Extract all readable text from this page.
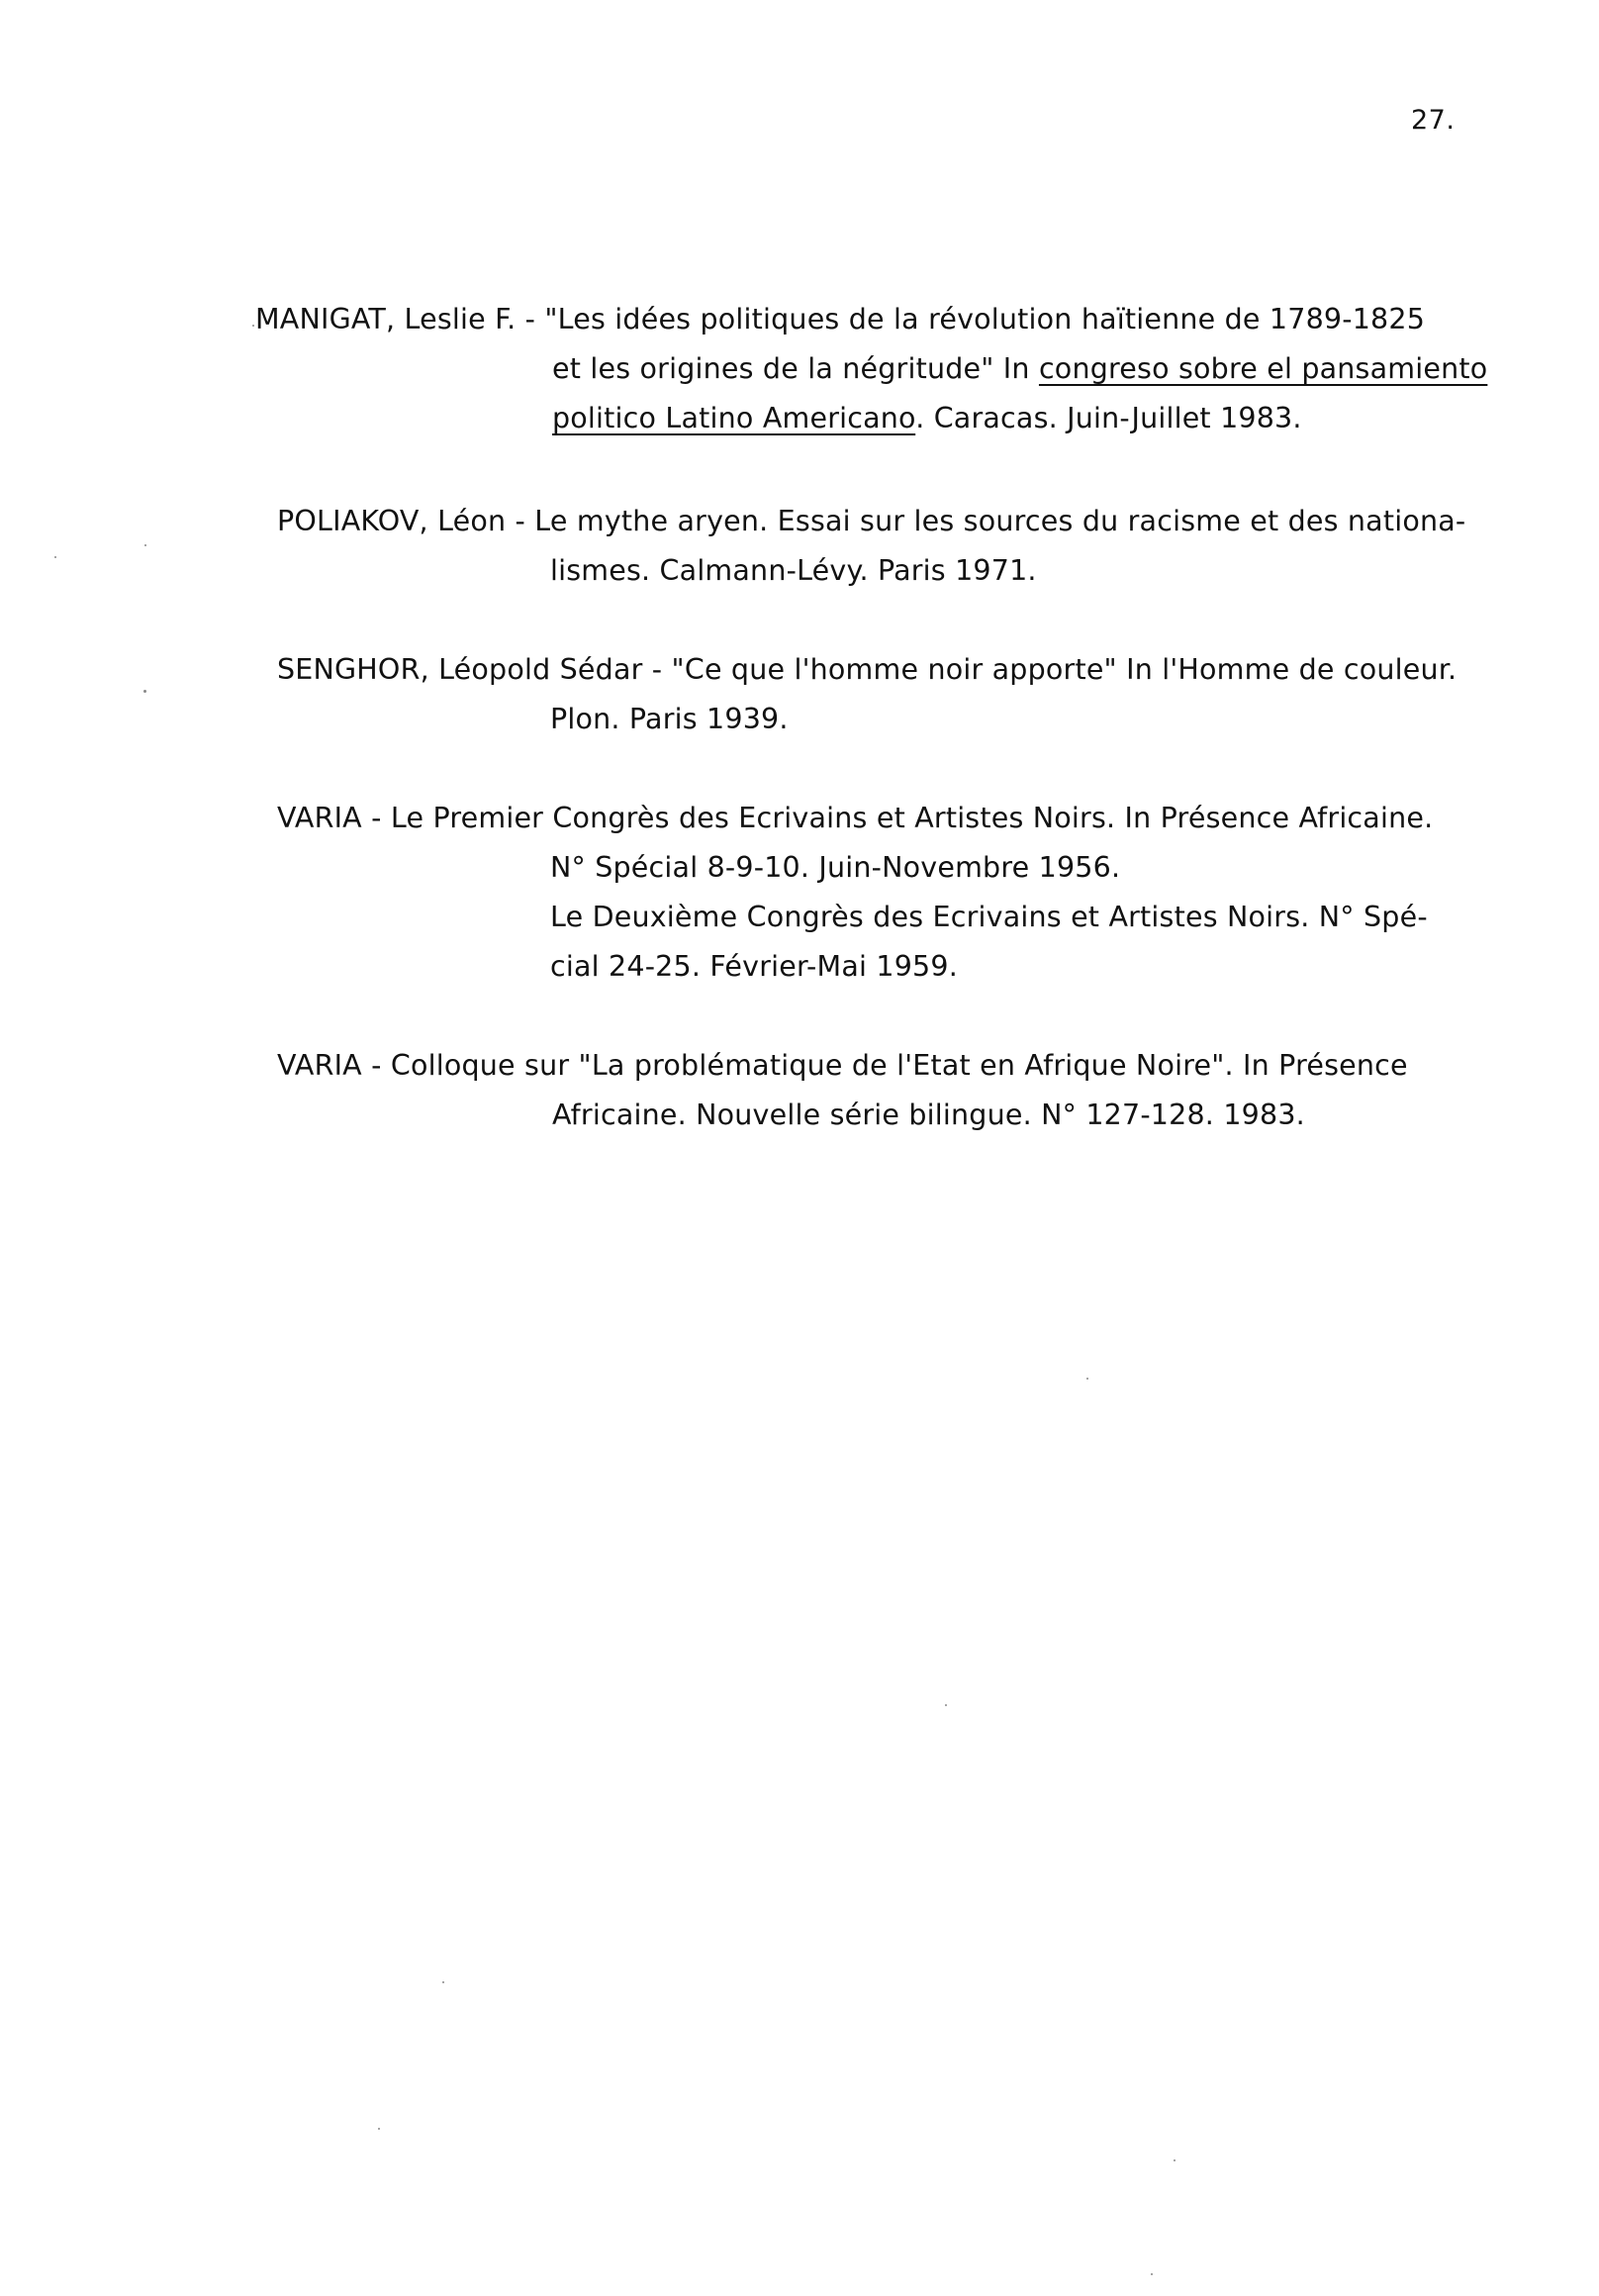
27.
MANIGAT, Leslie F. - "Les idées politiques de la révolution haïtienne de 1789-1825
et les origines de la négritude" In congreso sobre el pansamiento
politico Latino Americano. Caracas. Juin-Juillet 1983.
POLIAKOV, Léon - Le mythe aryen. Essai sur les sources du racisme et des nationa-
lismes. Calmann-Lévy. Paris 1971.
SENGHOR, Léopold Sédar - "Ce que l'homme noir apporte" In l'Homme de couleur.
Plon. Paris 1939.
VARIA - Le Premier Congrès des Ecrivains et Artistes Noirs. In Présence Africaine.
N° Spécial 8-9-10. Juin-Novembre 1956.
Le Deuxième Congrès des Ecrivains et Artistes Noirs. N° Spé-
cial 24-25. Février-Mai 1959.
VARIA - Colloque sur "La problématique de l'Etat en Afrique Noire". In Présence
Africaine. Nouvelle série bilingue. N° 127-128. 1983.
